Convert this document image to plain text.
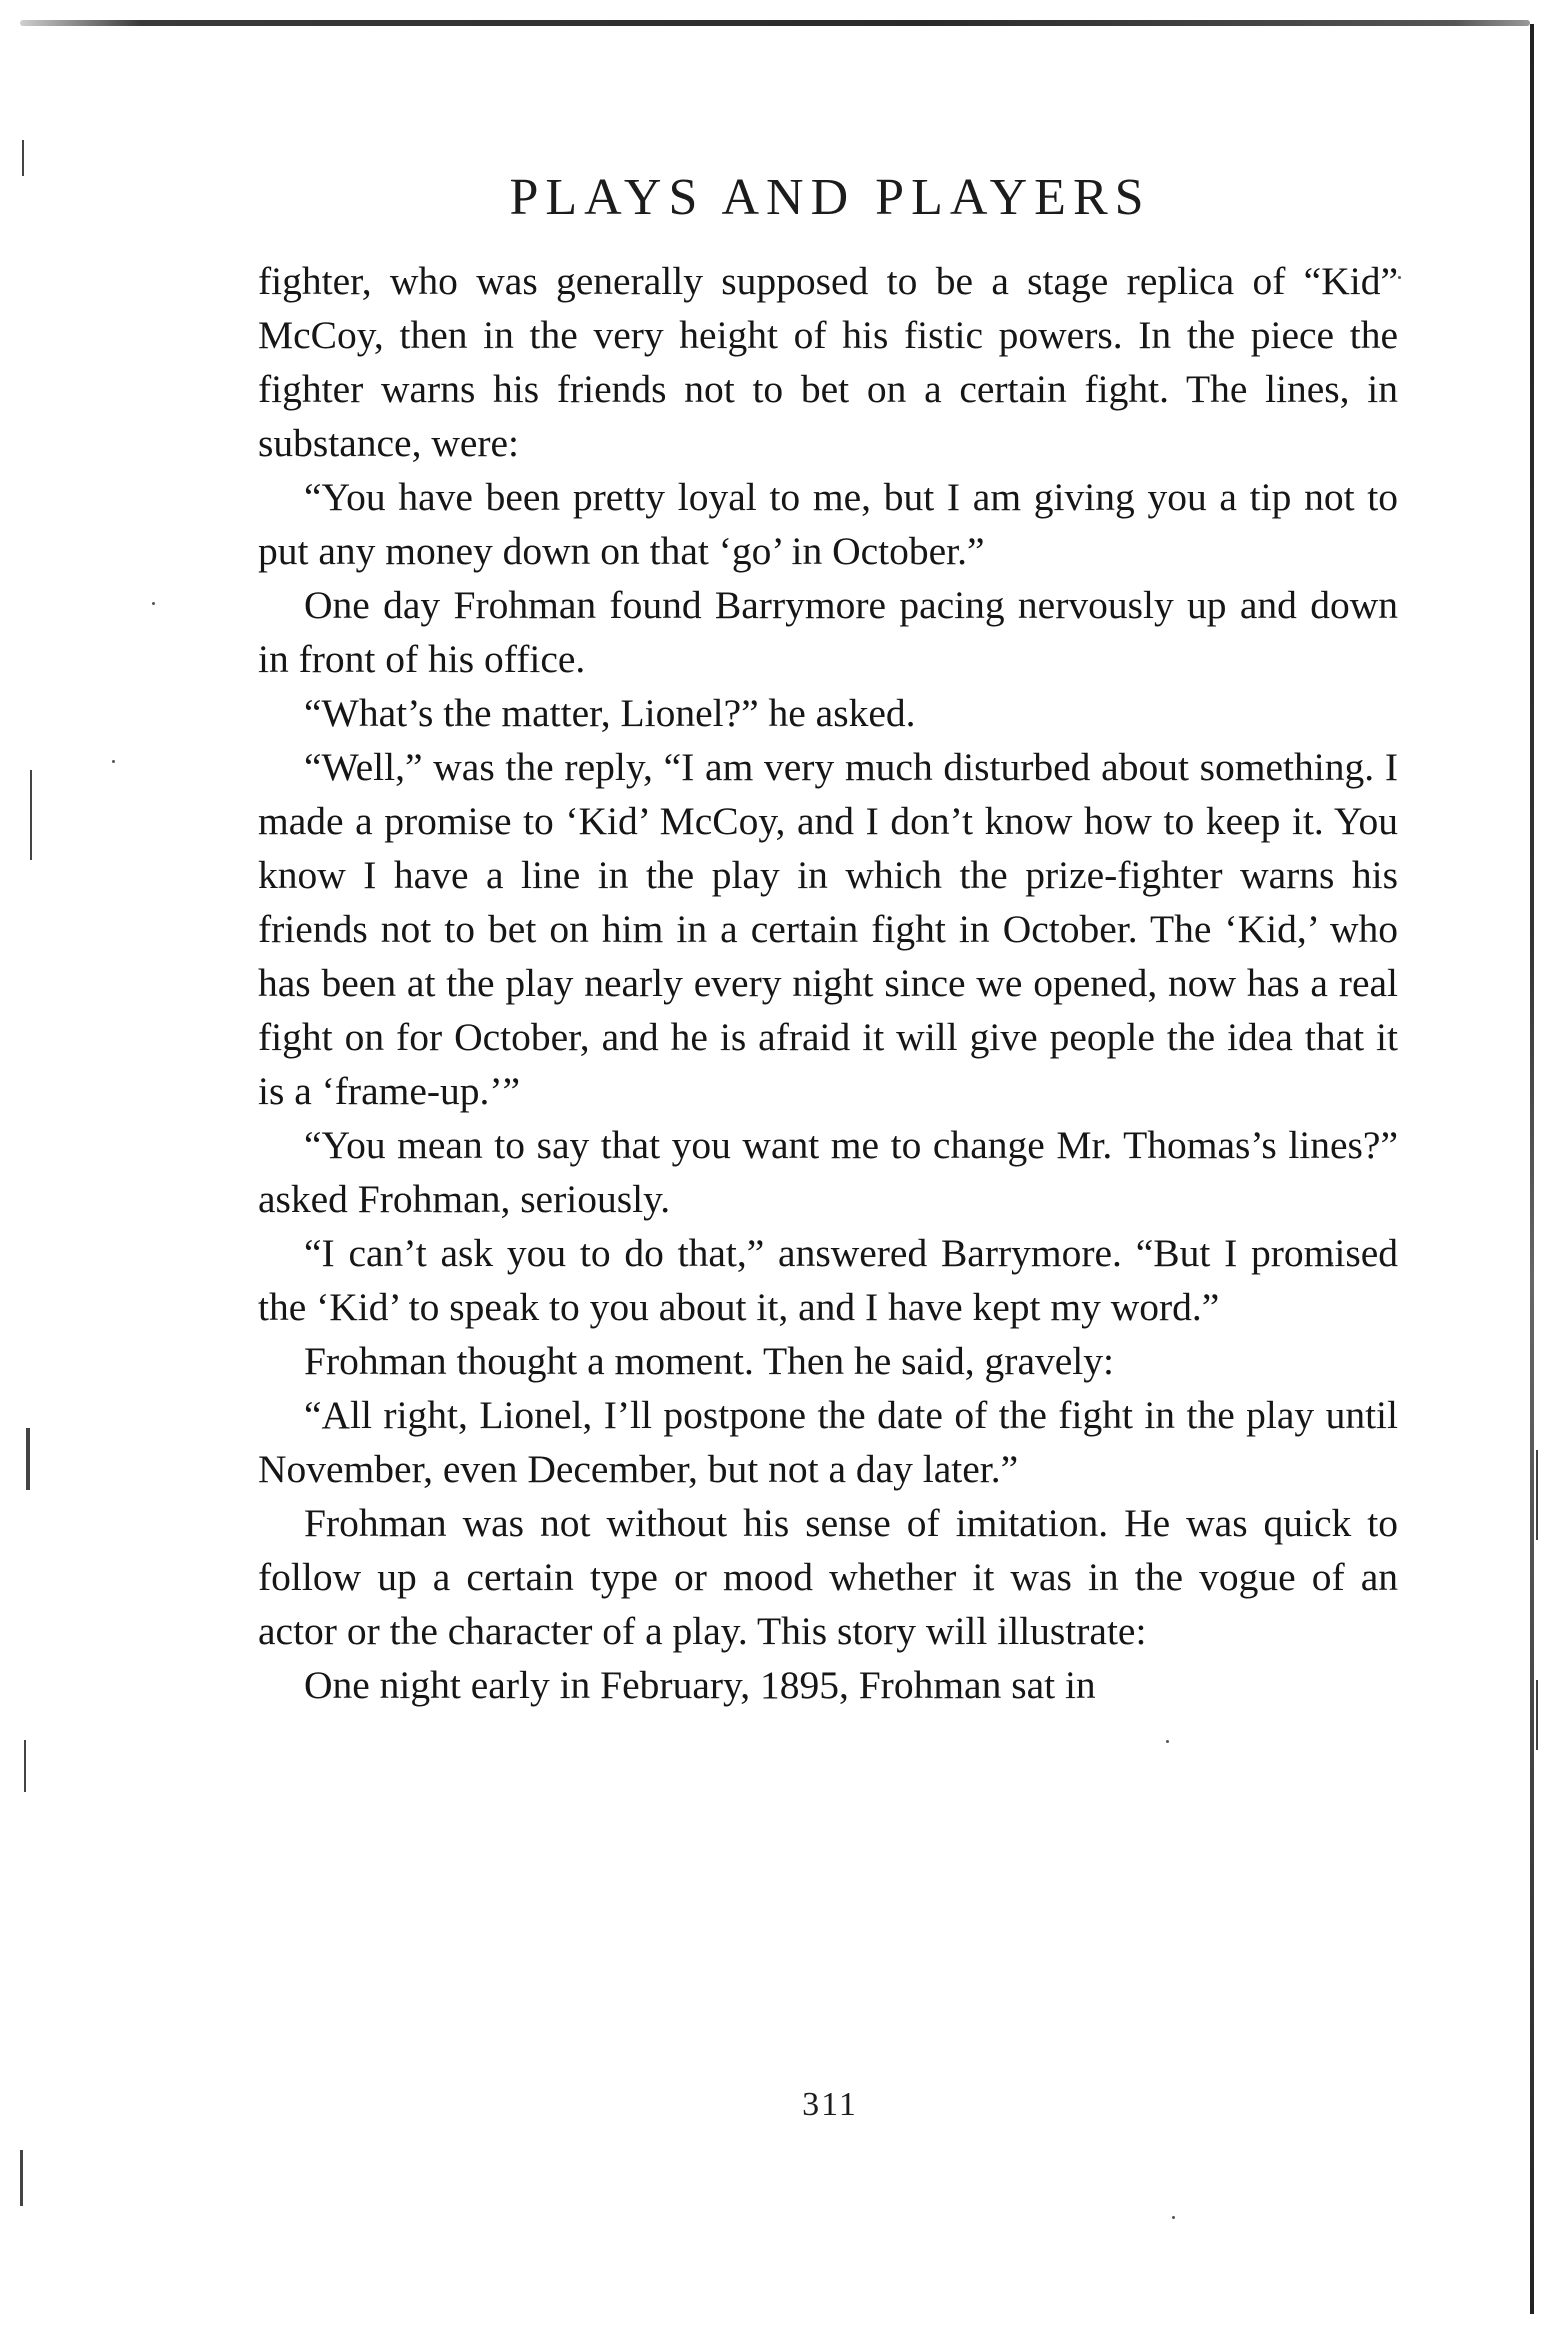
PLAYS AND PLAYERS

fighter, who was generally supposed to be a stage replica of “Kid” McCoy, then in the very height of his fistic powers. In the piece the fighter warns his friends not to bet on a certain fight. The lines, in substance, were:

“You have been pretty loyal to me, but I am giving you a tip not to put any money down on that ‘go’ in October.”

One day Frohman found Barrymore pacing nervously up and down in front of his office.

“What’s the matter, Lionel?” he asked.

“Well,” was the reply, “I am very much disturbed about something. I made a promise to ‘Kid’ McCoy, and I don’t know how to keep it. You know I have a line in the play in which the prize-fighter warns his friends not to bet on him in a certain fight in October. The ‘Kid,’ who has been at the play nearly every night since we opened, now has a real fight on for October, and he is afraid it will give people the idea that it is a ‘frame-up.’”

“You mean to say that you want me to change Mr. Thomas’s lines?” asked Frohman, seriously.

“I can’t ask you to do that,” answered Barrymore. “But I promised the ‘Kid’ to speak to you about it, and I have kept my word.”

Frohman thought a moment. Then he said, gravely:

“All right, Lionel, I’ll postpone the date of the fight in the play until November, even December, but not a day later.”

Frohman was not without his sense of imitation. He was quick to follow up a certain type or mood whether it was in the vogue of an actor or the character of a play. This story will illustrate:

One night early in February, 1895, Frohman sat in

311
